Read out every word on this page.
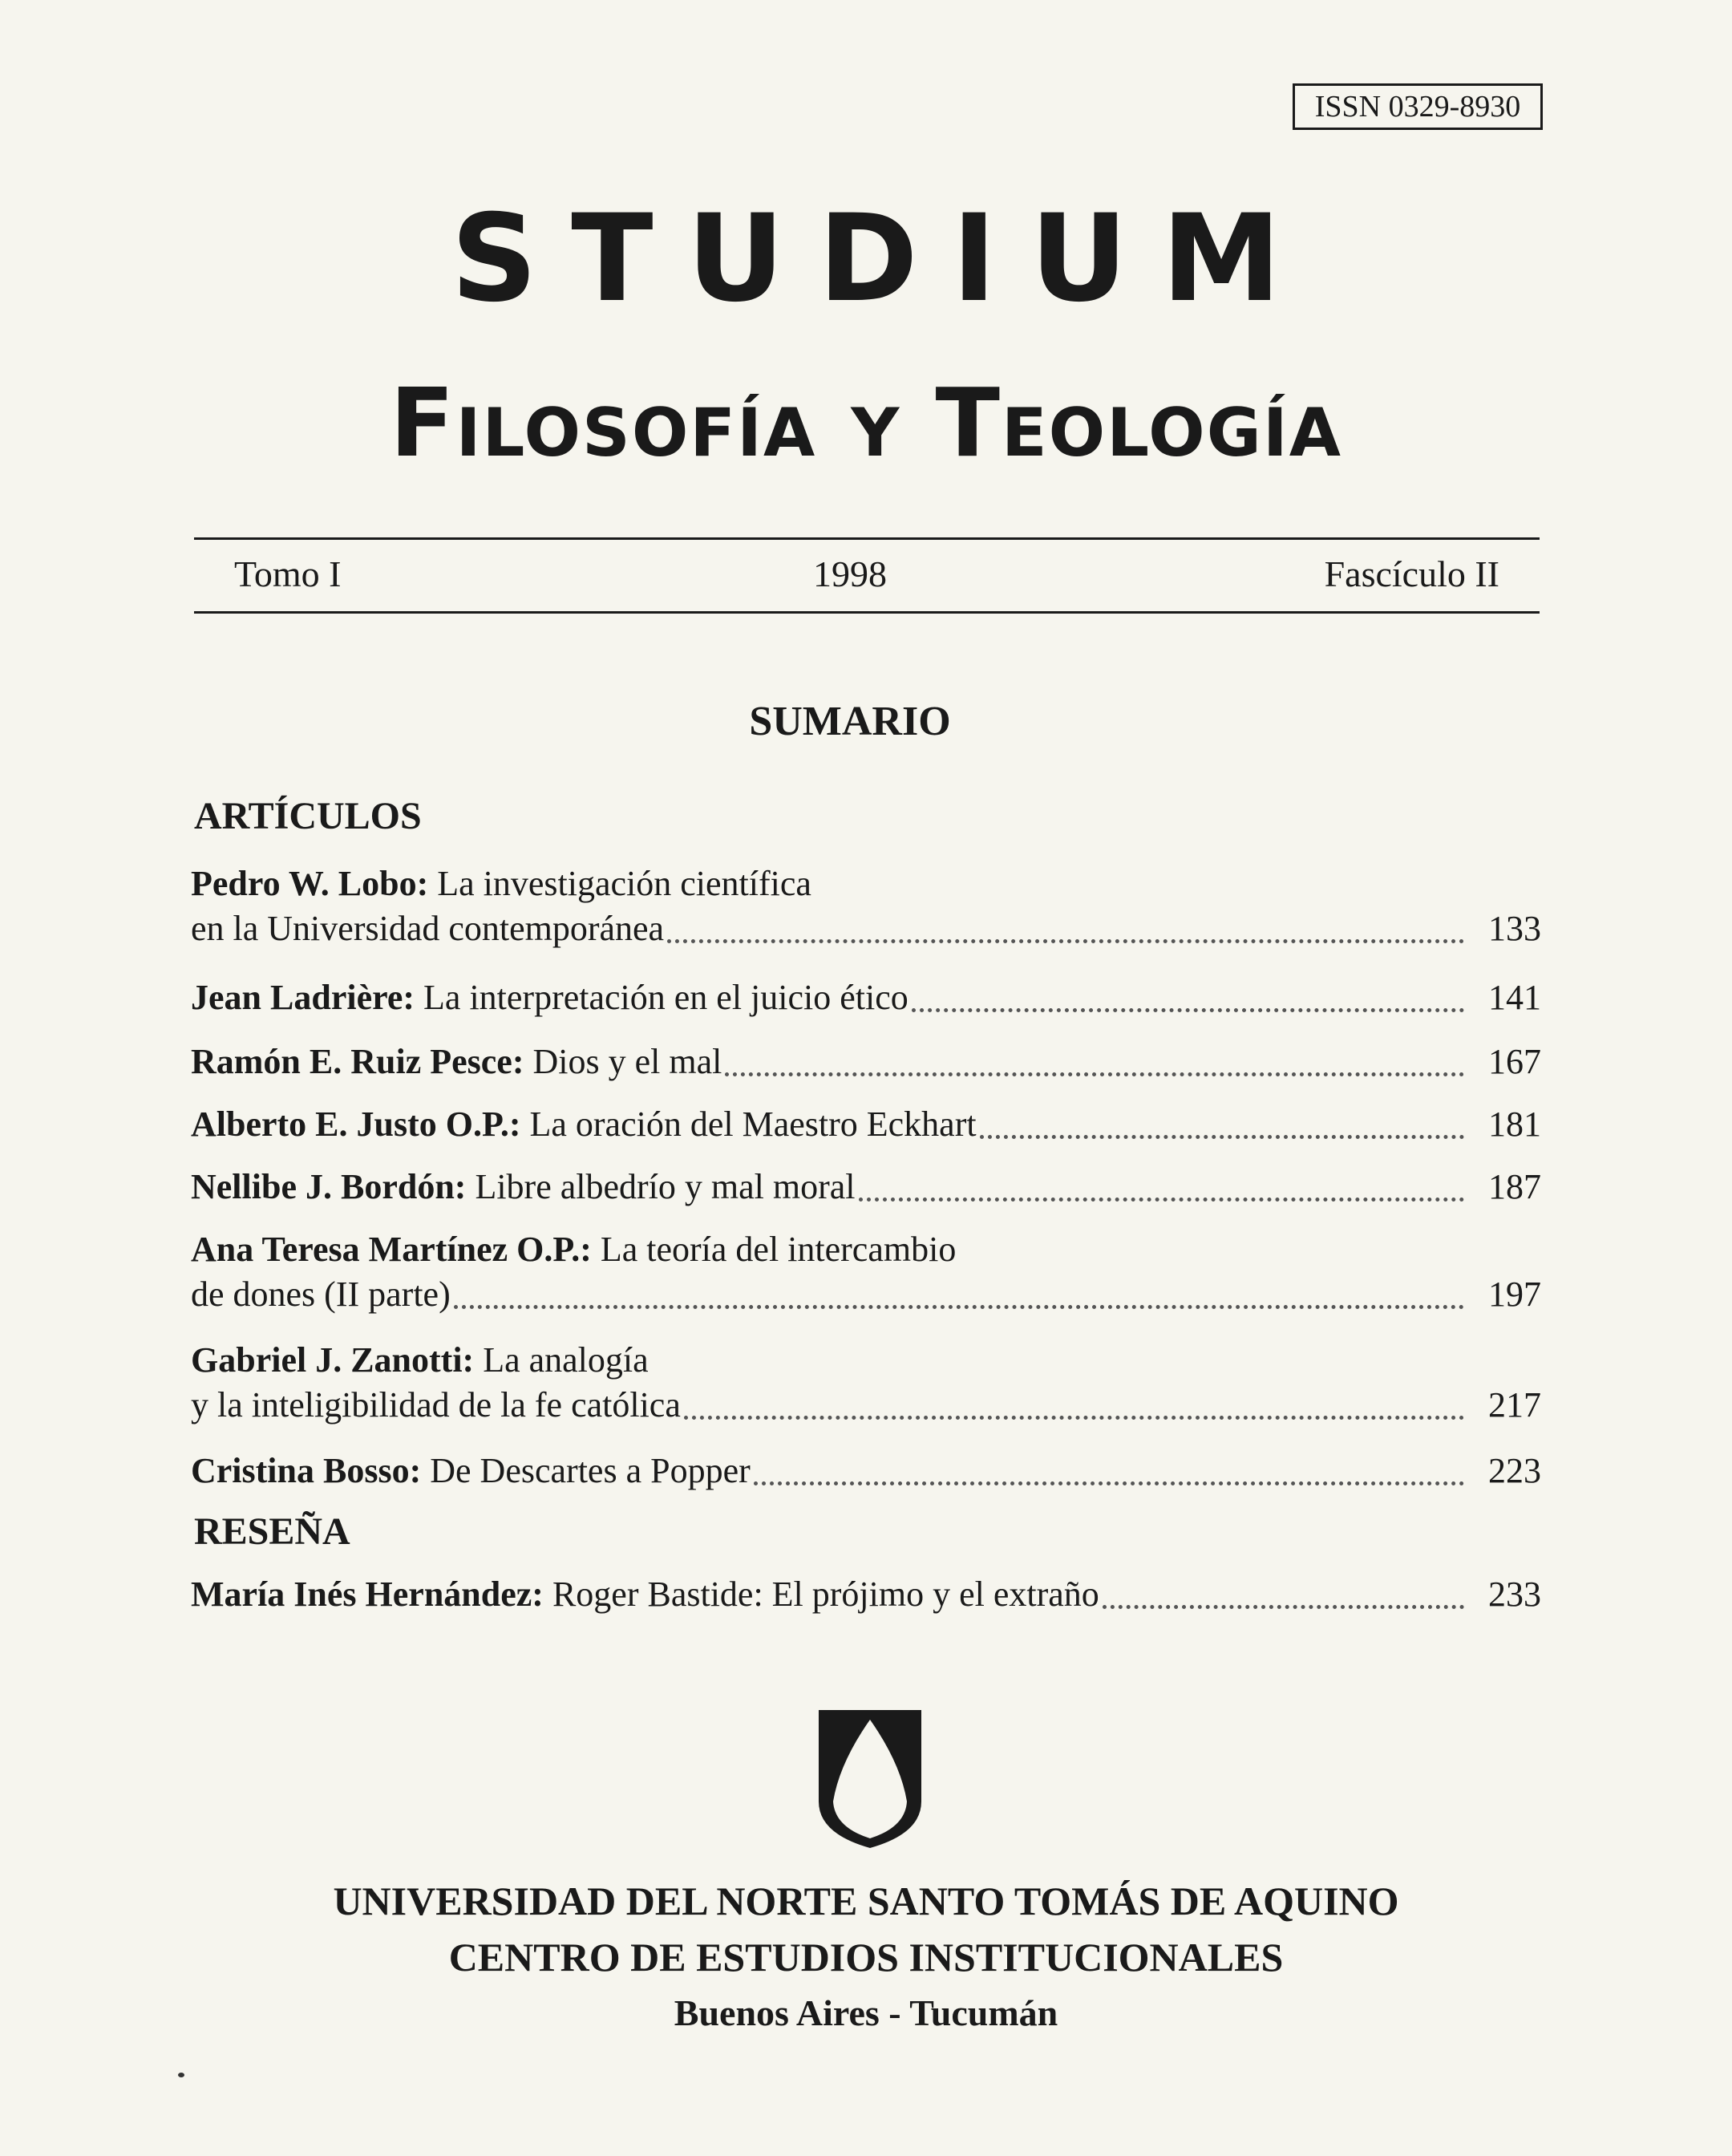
ISSN 0329-8930
STUDIUM
Filosofía y Teología
Tomo I	1998	Fascículo II
SUMARIO
ARTÍCULOS
Pedro W. Lobo: La investigación científica
en la Universidad contemporánea	133
Jean Ladrière: La interpretación en el juicio ético	141
Ramón E. Ruiz Pesce: Dios y el mal	167
Alberto E. Justo O.P.: La oración del Maestro Eckhart	181
Nellibe J. Bordón: Libre albedrío y mal moral	187
Ana Teresa Martínez O.P.: La teoría del intercambio
de dones (II parte)	197
Gabriel J. Zanotti: La analogía
y la inteligibilidad de la fe católica	217
Cristina Bosso: De Descartes a Popper	223
RESEÑA
María Inés Hernández: Roger Bastide: El prójimo y el extraño	233
UNIVERSIDAD DEL NORTE SANTO TOMÁS DE AQUINO
CENTRO DE ESTUDIOS INSTITUCIONALES
Buenos Aires - Tucumán
